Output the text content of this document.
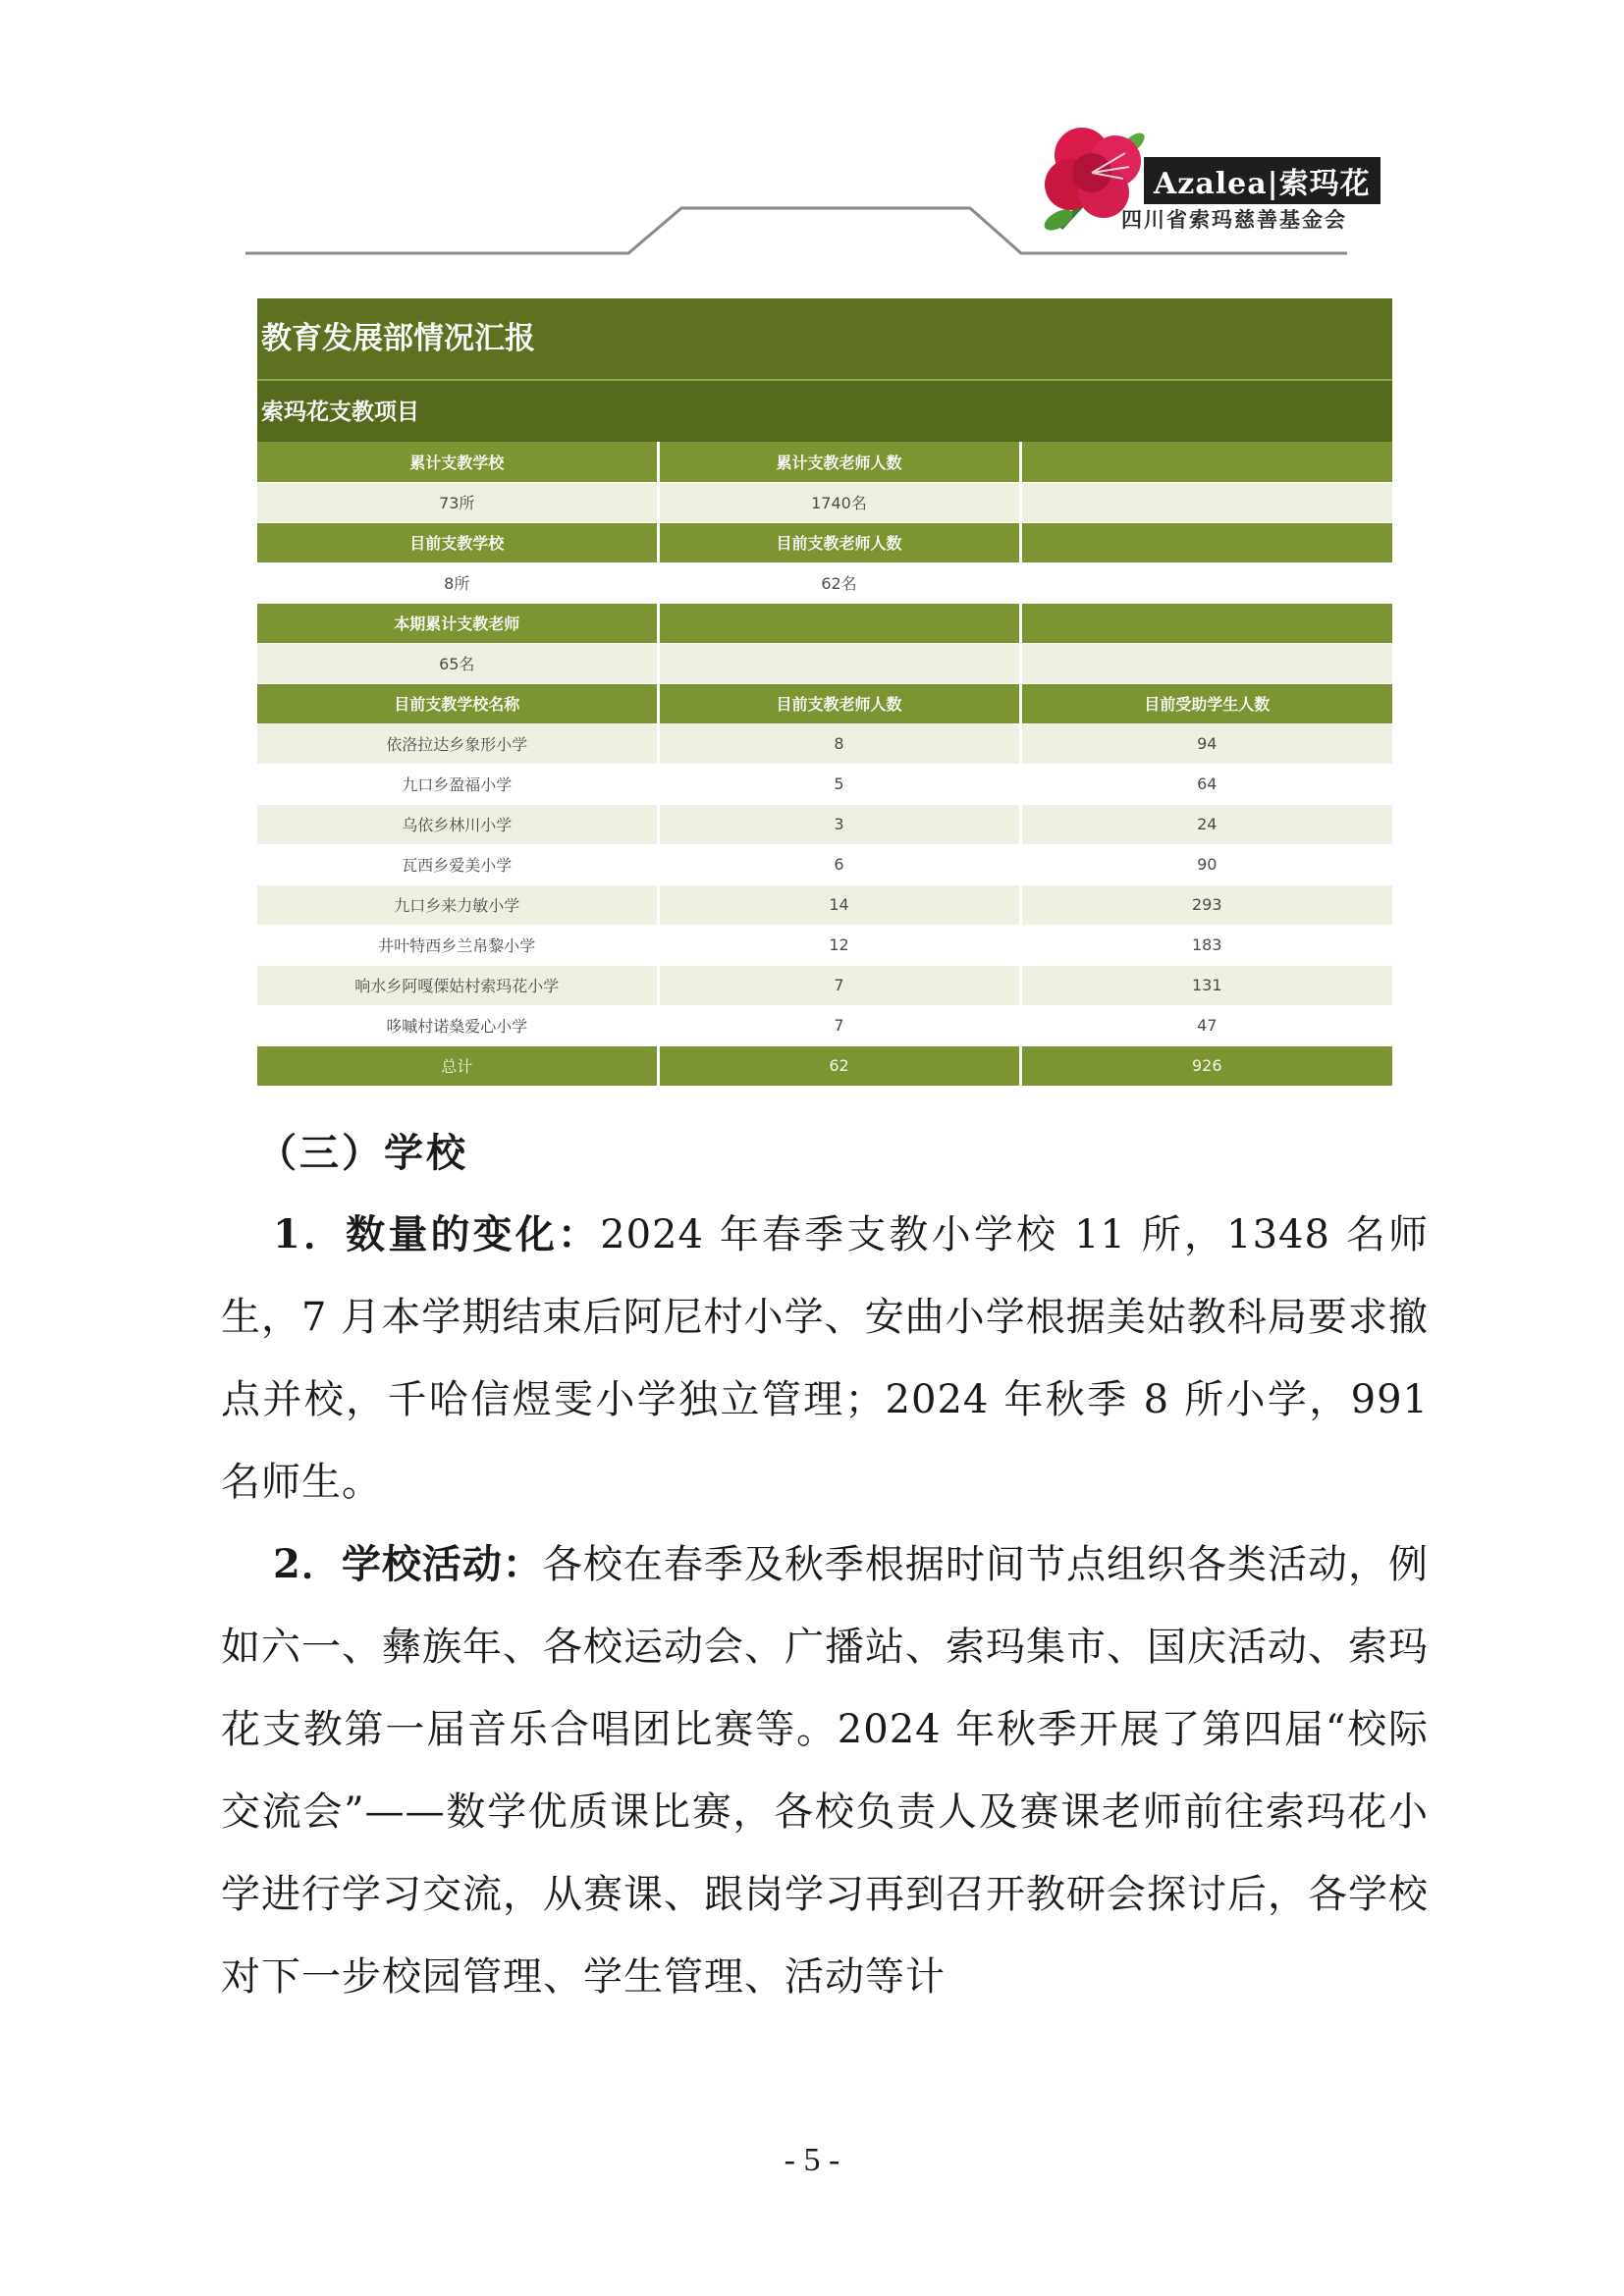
Azalea|索玛花
四川省索玛慈善基金会
教育发展部情况汇报
索玛花支教项目
累计支教学校	累计支教老师人数	
73所	1740名	
目前支教学校	目前支教老师人数	
8所	62名	
本期累计支教老师		
65名		
目前支教学校名称	目前支教老师人数	目前受助学生人数
依洛拉达乡象形小学	8	94
九口乡盈福小学	5	64
乌依乡林川小学	3	24
瓦西乡爱美小学	6	90
九口乡来力敏小学	14	293
井叶特西乡兰帛黎小学	12	183
响水乡阿嘎傈姑村索玛花小学	7	131
哆嘁村诺燊爱心小学	7	47
总计	62	926
（三）学校
1．数量的变化：2024 年春季支教小学校 11 所，1348 名师生，7 月本学期结束后阿尼村小学、安曲小学根据美姑教科局要求撤点并校，千哈信煜雯小学独立管理；2024 年秋季 8 所小学，991 名师生。
2．学校活动：各校在春季及秋季根据时间节点组织各类活动，例如六一、彝族年、各校运动会、广播站、索玛集市、国庆活动、索玛花支教第一届音乐合唱团比赛等。2024 年秋季开展了第四届“校际交流会”——数学优质课比赛，各校负责人及赛课老师前往索玛花小学进行学习交流，从赛课、跟岗学习再到召开教研会探讨后，各学校对下一步校园管理、学生管理、活动等计
- 5 -
